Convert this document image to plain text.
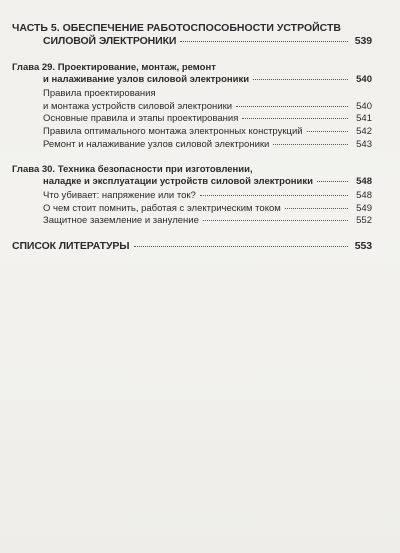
ЧАСТЬ 5. ОБЕСПЕЧЕНИЕ РАБОТОСПОСОБНОСТИ УСТРОЙСТВ
СИЛОВОЙ ЭЛЕКТРОНИКИ	539
Глава 29. Проектирование, монтаж, ремонт
и налаживание узлов силовой электроники	540
Правила проектирования
и монтажа устройств силовой электроники	540
Основные правила и этапы проектирования	541
Правила оптимального монтажа электронных конструкций	542
Ремонт и налаживание узлов силовой электроники	543
Глава 30. Техника безопасности при изготовлении,
наладке и эксплуатации устройств силовой электроники	548
Что убивает: напряжение или ток?	548
О чем стоит помнить, работая с электрическим током	549
Защитное заземление и зануление	552
СПИСОК ЛИТЕРАТУРЫ	553
